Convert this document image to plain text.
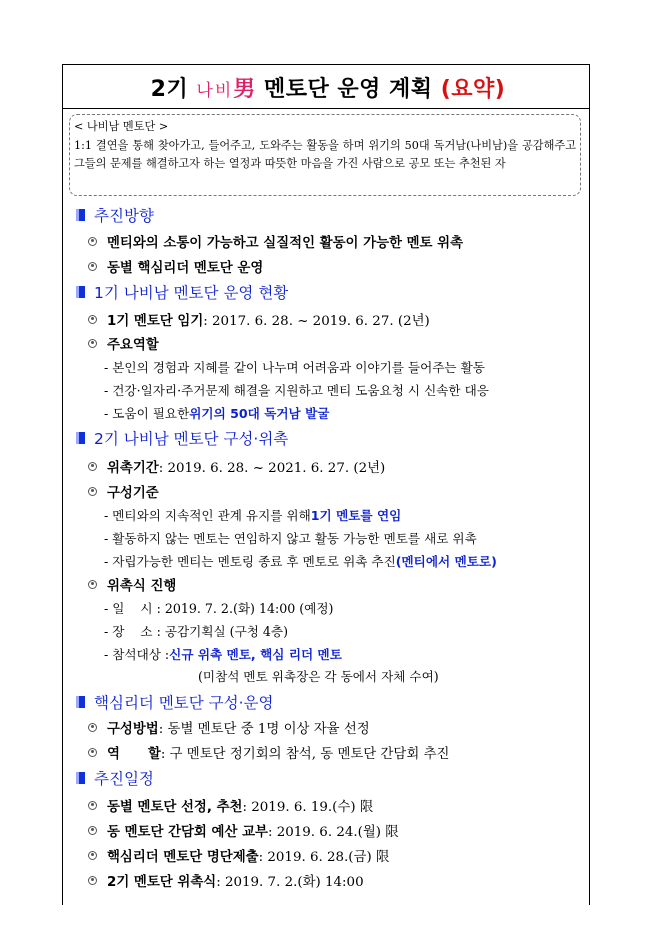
2기 나비男 멘토단 운영 계획 (요약)
< 나비남 멘토단 >
1:1 결연을 통해 찾아가고, 들어주고, 도와주는 활동을 하며 위기의 50대 독거남(나비남)을 공감해주고 그들의 문제를 해결하고자 하는 열정과 따뜻한 마음을 가진 사람으로 공모 또는 추천된 자
추진방향
멘티와의 소통이 가능하고 실질적인 활동이 가능한 멘토 위촉
동별 핵심리더 멘토단 운영
1기 나비남 멘토단 운영 현황
1기 멘토단 임기 : 2017. 6. 28. ~ 2019. 6. 27. (2년)
주요역할
- 본인의 경험과 지혜를 같이 나누며 어려움과 이야기를 들어주는 활동
- 건강·일자리·주거문제 해결을 지원하고 멘티 도움요청 시 신속한 대응
- 도움이 필요한 위기의 50대 독거남 발굴
2기 나비남 멘토단 구성·위촉
위촉기간 : 2019. 6. 28. ~ 2021. 6. 27. (2년)
구성기준
- 멘티와의 지속적인 관계 유지를 위해 1기 멘토를 연임
- 활동하지 않는 멘토는 연임하지 않고 활동 가능한 멘토를 새로 위촉
- 자립가능한 멘티는 멘토링 종료 후 멘토로 위촉 추진 (멘티에서 멘토로)
위촉식 진행
- 일    시 : 2019. 7. 2.(화) 14:00 (예정)
- 장    소 : 공감기획실 (구청 4층)
- 참석대상 : 신규 위촉 멘토, 핵심 리더 멘토
(미참석 멘토 위촉장은 각 동에서 자체 수여)
핵심리더 멘토단 구성·운영
구성방법 : 동별 멘토단 중 1명 이상 자율 선정
역      할 : 구 멘토단 정기회의 참석, 동 멘토단 간담회 추진
추진일정
동별 멘토단 선정, 추천 : 2019. 6. 19.(수) 限
동 멘토단 간담회 예산 교부 : 2019. 6. 24.(월) 限
핵심리더 멘토단 명단제출 : 2019. 6. 28.(금) 限
2기 멘토단 위촉식 : 2019. 7. 2.(화) 14:00
